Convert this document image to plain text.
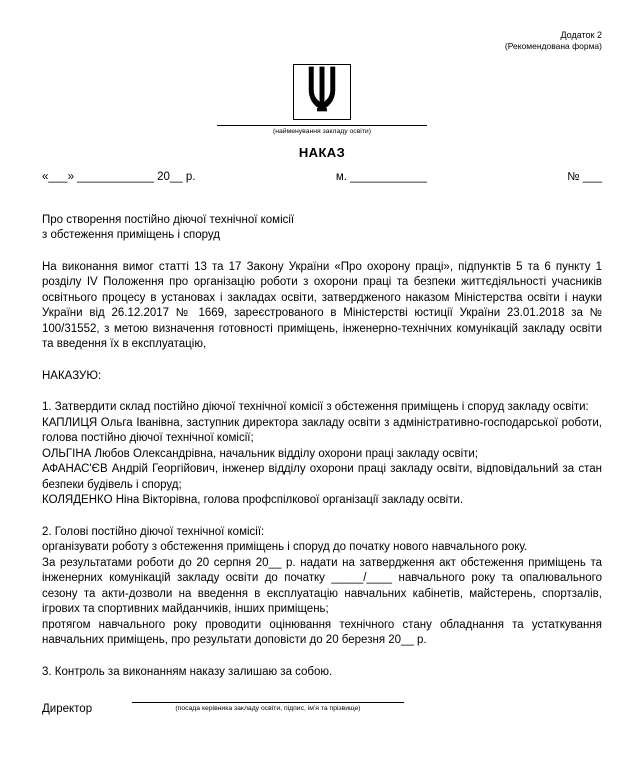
Додаток 2
(Рекомендована форма)
(найменування закладу освіти)
НАКАЗ
«___» ____________ 20__ р.	м. ____________	№ ___
Про створення постійно діючої технічної комісії
з обстеження приміщень і споруд
На виконання вимог статті 13 та 17 Закону України «Про охорону праці», підпунктів 5 та 6 пункту 1 розділу IV Положення про організацію роботи з охорони праці та безпеки життєдіяльності учасників освітнього процесу в установах і закладах освіти, затвердженого наказом Міністерства освіти і науки України від 26.12.2017 № 1669, зареєстрованого в Міністерстві юстиції України 23.01.2018 за № 100/31552, з метою визначення готовності приміщень, інженерно-технічних комунікацій закладу освіти та введення їх в експлуатацію,
НАКАЗУЮ:
1. Затвердити склад постійно діючої технічної комісії з обстеження приміщень і споруд закладу освіти:
КАПЛИЦЯ Ольга Іванівна, заступник директора закладу освіти з адміністративно-господарської роботи, голова постійно діючої технічної комісії;
ОЛЬГІНА Любов Олександрівна, начальник відділу охорони праці закладу освіти;
АФАНАС'ЄВ Андрій Георгійович, інженер відділу охорони праці закладу освіти, відповідальний за стан безпеки будівель і споруд;
КОЛЯДЕНКО Ніна Вікторівна, голова профспілкової організації закладу освіти.
2. Голові постійно діючої технічної комісії:
організувати роботу з обстеження приміщень і споруд до початку нового навчального року.
За результатами роботи до 20 серпня 20__ р. надати на затвердження акт обстеження приміщень та інженерних комунікацій закладу освіти до початку _____/____ навчального року та опалювального сезону та акти-дозволи на введення в експлуатацію навчальних кабінетів, майстерень, спортзалів, ігрових та спортивних майданчиків, інших приміщень;
протягом навчального року проводити оцінювання технічного стану обладнання та устаткування навчальних приміщень, про результати доповісти до 20 березня 20__ р.
3. Контроль за виконанням наказу залишаю за собою.
Директор	(посада керівника закладу освіти, підпис, ім'я та прізвище)
